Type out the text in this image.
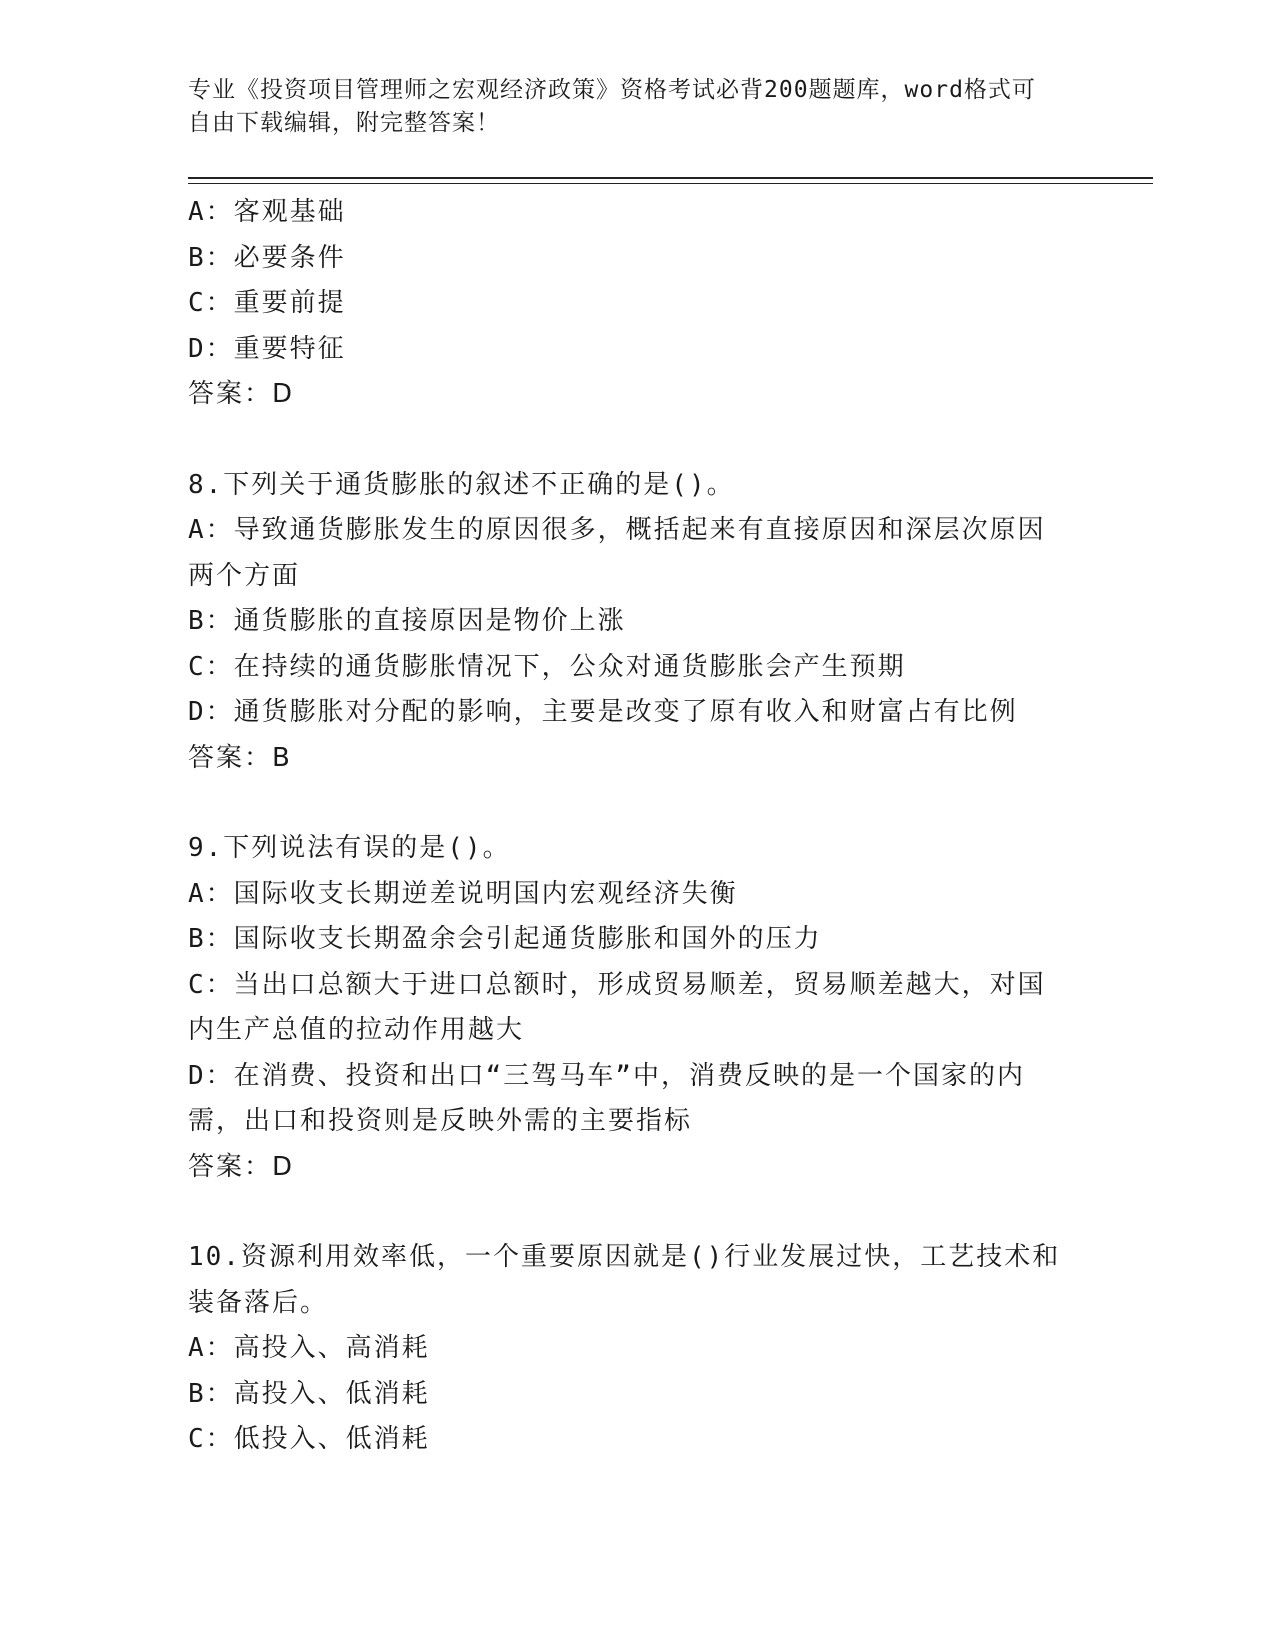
专业《投资项目管理师之宏观经济政策》资格考试必背200题题库，word格式可
自由下载编辑，附完整答案！
A：客观基础
B：必要条件
C：重要前提
D：重要特征
答案：D
8.下列关于通货膨胀的叙述不正确的是()。
A：导致通货膨胀发生的原因很多，概括起来有直接原因和深层次原因两个方面
B：通货膨胀的直接原因是物价上涨
C：在持续的通货膨胀情况下，公众对通货膨胀会产生预期
D：通货膨胀对分配的影响，主要是改变了原有收入和财富占有比例
答案：B
9.下列说法有误的是()。
A：国际收支长期逆差说明国内宏观经济失衡
B：国际收支长期盈余会引起通货膨胀和国外的压力
C：当出口总额大于进口总额时，形成贸易顺差，贸易顺差越大，对国内生产总值的拉动作用越大
D：在消费、投资和出口“三驾马车”中，消费反映的是一个国家的内需，出口和投资则是反映外需的主要指标
答案：D
10.资源利用效率低，一个重要原因就是()行业发展过快，工艺技术和装备落后。
A：高投入、高消耗
B：高投入、低消耗
C：低投入、低消耗
